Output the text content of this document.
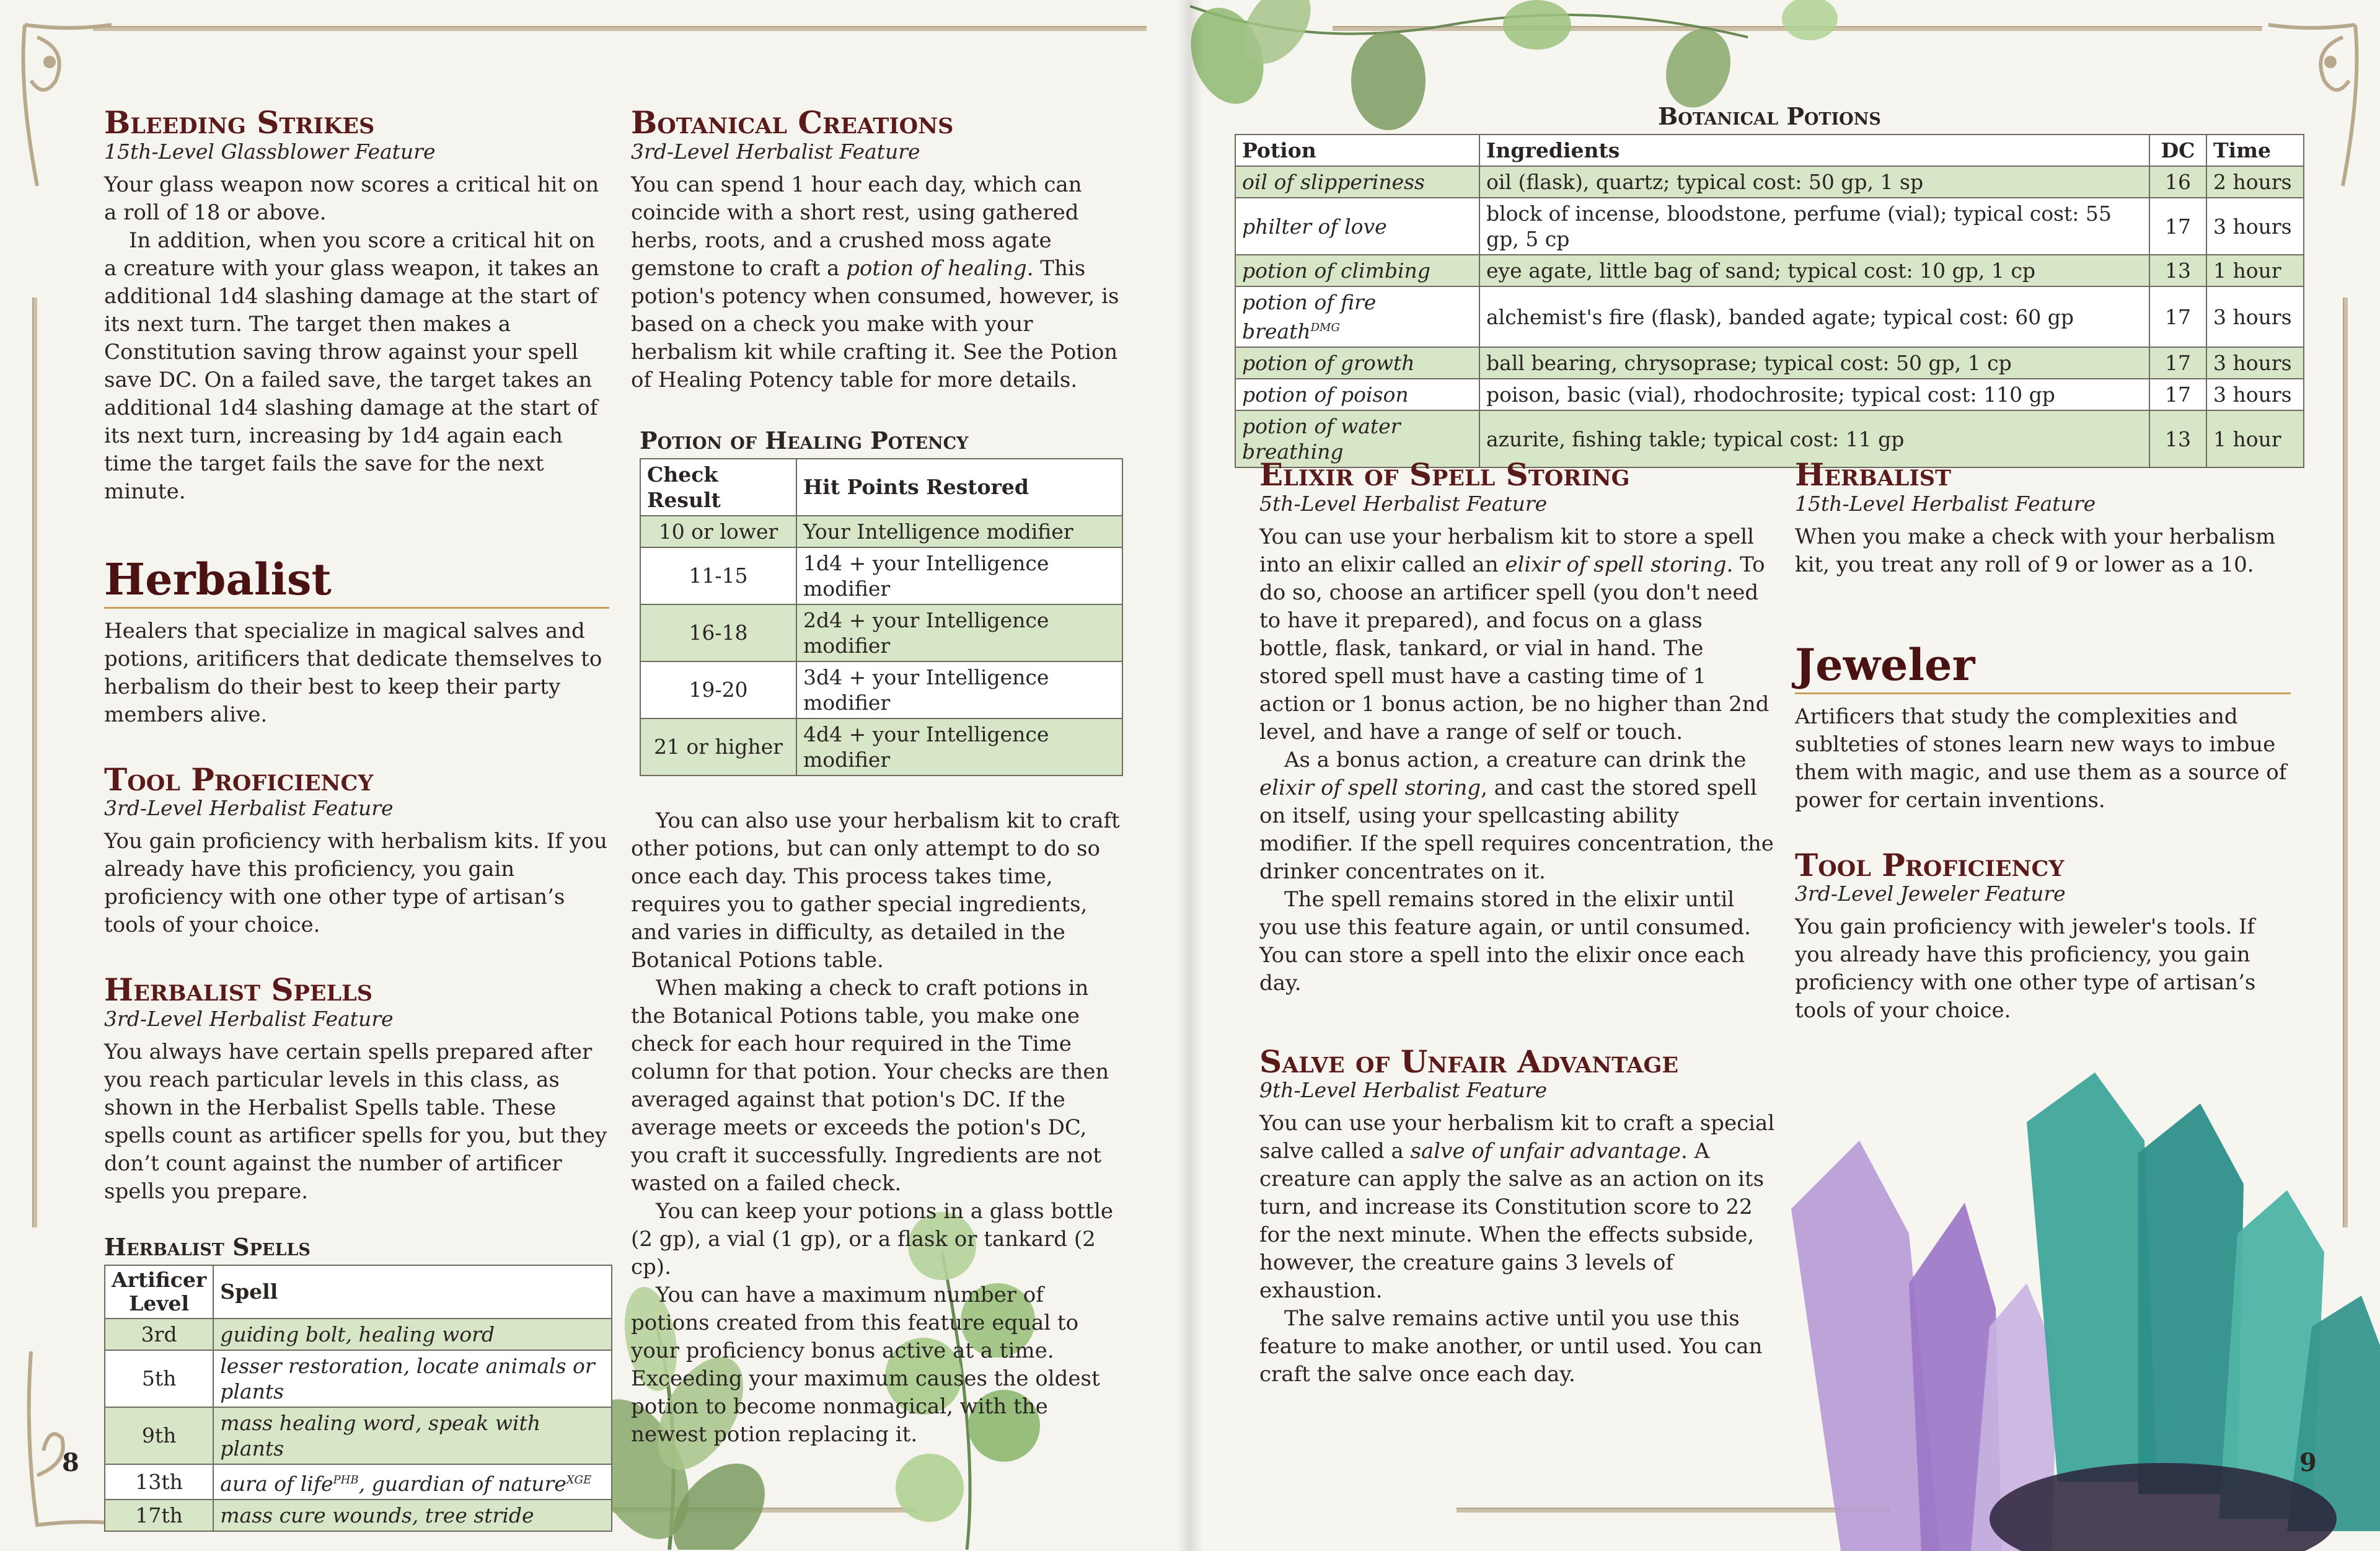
Bleeding Strikes
15th-Level Glassblower Feature

Your glass weapon now scores a critical hit on a roll of 18 or above.

In addition, when you score a critical hit on a creature with your glass weapon, it takes an additional 1d4 slashing damage at the start of its next turn. The target then makes a Constitution saving throw against your spell save DC. On a failed save, the target takes an additional 1d4 slashing damage at the start of its next turn, increasing by 1d4 again each time the target fails the save for the next minute.

Herbalist

Healers that specialize in magical salves and potions, aritificers that dedicate themselves to herbalism do their best to keep their party members alive.

Tool Proficiency
3rd-Level Herbalist Feature

You gain proficiency with herbalism kits. If you already have this proficiency, you gain proficiency with one other type of artisan’s tools of your choice.

Herbalist Spells
3rd-Level Herbalist Feature

You always have certain spells prepared after you reach particular levels in this class, as shown in the Herbalist Spells table. These spells count as artificer spells for you, but they don’t count against the number of artificer spells you prepare.

Herbalist Spells
Artificer
Level	Spell
3rd	guiding bolt, healing word
5th	lesser restoration, locate animals or plants
9th	mass healing word, speak with plants
13th	aura of life$^{PHB}$, guardian of nature$^{XGE}$
17th	mass cure wounds, tree stride
Botanical Creations
3rd-Level Herbalist Feature

You can spend 1 hour each day, which can coincide with a short rest, using gathered herbs, roots, and a crushed moss agate gemstone to craft a potion of healing. This potion's potency when consumed, however, is based on a check you make with your herbalism kit while crafting it. See the Potion of Healing Potency table for more details.

Potion of Healing Potency
Check Result	Hit Points Restored
10 or lower	Your Intelligence modifier
11-15	1d4 + your Intelligence modifier
16-18	2d4 + your Intelligence modifier
19-20	3d4 + your Intelligence modifier
21 or higher	4d4 + your Intelligence modifier

You can also use your herbalism kit to craft other potions, but can only attempt to do so once each day. This process takes time, requires you to gather special ingredients, and varies in difficulty, as detailed in the Botanical Potions table.

When making a check to craft potions in the Botanical Potions table, you make one check for each hour required in the Time column for that potion. Your checks are then averaged against that potion's DC. If the average meets or exceeds the potion's DC, you craft it successfully. Ingredients are not wasted on a failed check.

You can keep your potions in a glass bottle (2 gp), a vial (1 gp), or a flask or tankard (2 cp).

You can have a maximum number of potions created from this feature equal to your proficiency bonus active at a time. Exceeding your maximum causes the oldest potion to become nonmagical, with the newest potion replacing it.

8
Botanical Potions
Potion	Ingredients	DC	Time
oil of slipperiness	oil (flask), quartz; typical cost: 50 gp, 1 sp	16	2 hours
philter of love	block of incense, bloodstone, perfume (vial); typical cost: 55 gp, 5 cp	17	3 hours
potion of climbing	eye agate, little bag of sand; typical cost: 10 gp, 1 cp	13	1 hour
potion of fire breath$^{DMG}$	alchemist's fire (flask), banded agate; typical cost: 60 gp	17	3 hours
potion of growth	ball bearing, chrysoprase; typical cost: 50 gp, 1 cp	17	3 hours
potion of poison	poison, basic (vial), rhodochrosite; typical cost: 110 gp	17	3 hours
potion of water breathing	azurite, fishing takle; typical cost: 11 gp	13	1 hour
Elixir of Spell Storing
5th-Level Herbalist Feature

You can use your herbalism kit to store a spell into an elixir called an elixir of spell storing. To do so, choose an artificer spell (you don't need to have it prepared), and focus on a glass bottle, flask, tankard, or vial in hand. The stored spell must have a casting time of 1 action or 1 bonus action, be no higher than 2nd level, and have a range of self or touch.

As a bonus action, a creature can drink the elixir of spell storing, and cast the stored spell on itself, using your spellcasting ability modifier. If the spell requires concentration, the drinker concentrates on it.

The spell remains stored in the elixir until you use this feature again, or until consumed. You can store a spell into the elixir once each day.

Salve of Unfair Advantage
9th-Level Herbalist Feature

You can use your herbalism kit to craft a special salve called a salve of unfair advantage. A creature can apply the salve as an action on its turn, and increase its Constitution score to 22 for the next minute. When the effects subside, however, the creature gains 3 levels of exhaustion.

The salve remains active until you use this feature to make another, or until used. You can craft the salve once each day.

Herbalist
15th-Level Herbalist Feature

When you make a check with your herbalism kit, you treat any roll of 9 or lower as a 10.

Jeweler

Artificers that study the complexities and sublteties of stones learn new ways to imbue them with magic, and use them as a source of power for certain inventions.

Tool Proficiency
3rd-Level Jeweler Feature

You gain proficiency with jeweler's tools. If you already have this proficiency, you gain proficiency with one other type of artisan’s tools of your choice.

9
